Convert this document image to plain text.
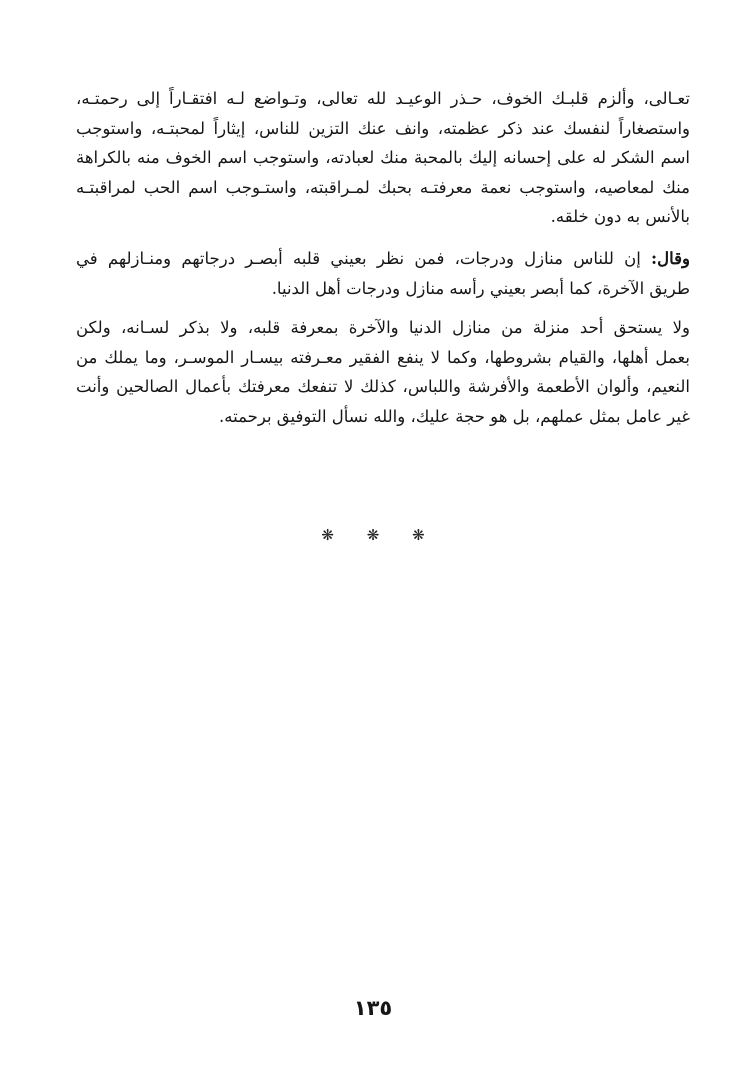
تعـالى، وألزم قلبـك الخوف، حـذر الوعيـد لله تعالى، وتـواضع لـه افتقـاراً إلى رحمتـه،
واستصغاراً لنفسك عند ذكر عظمته، وانف عنك التزين للناس، إيثاراً لمحبتـه، واستوجب
اسم الشكر له على إحسانه إليك بالمحبة منك لعبادته، واستوجب اسم الخوف منه بالكراهة
منك لمعاصيه، واستوجب نعمة معرفتـه بحبك لمـراقبته، واستـوجب اسم الحب لمراقبتـه
بالأنس به دون خلقه.
وقال: إن للناس منازل ودرجات، فمن نظر بعيني قلبه أبصـر درجاتهم ومنـازلهم في
طريق الآخرة، كما أبصر بعيني رأسه منازل ودرجات أهل الدنيا.
ولا يستحق أحد منزلة من منازل الدنيا والآخرة بمعرفة قلبه، ولا بذكر لسـانه، ولكن
بعمل أهلها، والقيام بشروطها، وكما لا ينفع الفقير معـرفته بيسـار الموسـر، وما يملك من
النعيم، وألوان الأطعمة والأفرشة واللباس، كذلك لا تنفعك معرفتك بأعمال الصالحين وأنت
غير عامل بمثل عملهم، بل هو حجة عليك، والله نسأل التوفيق برحمته.
❋ ❋ ❋
١٣٥
